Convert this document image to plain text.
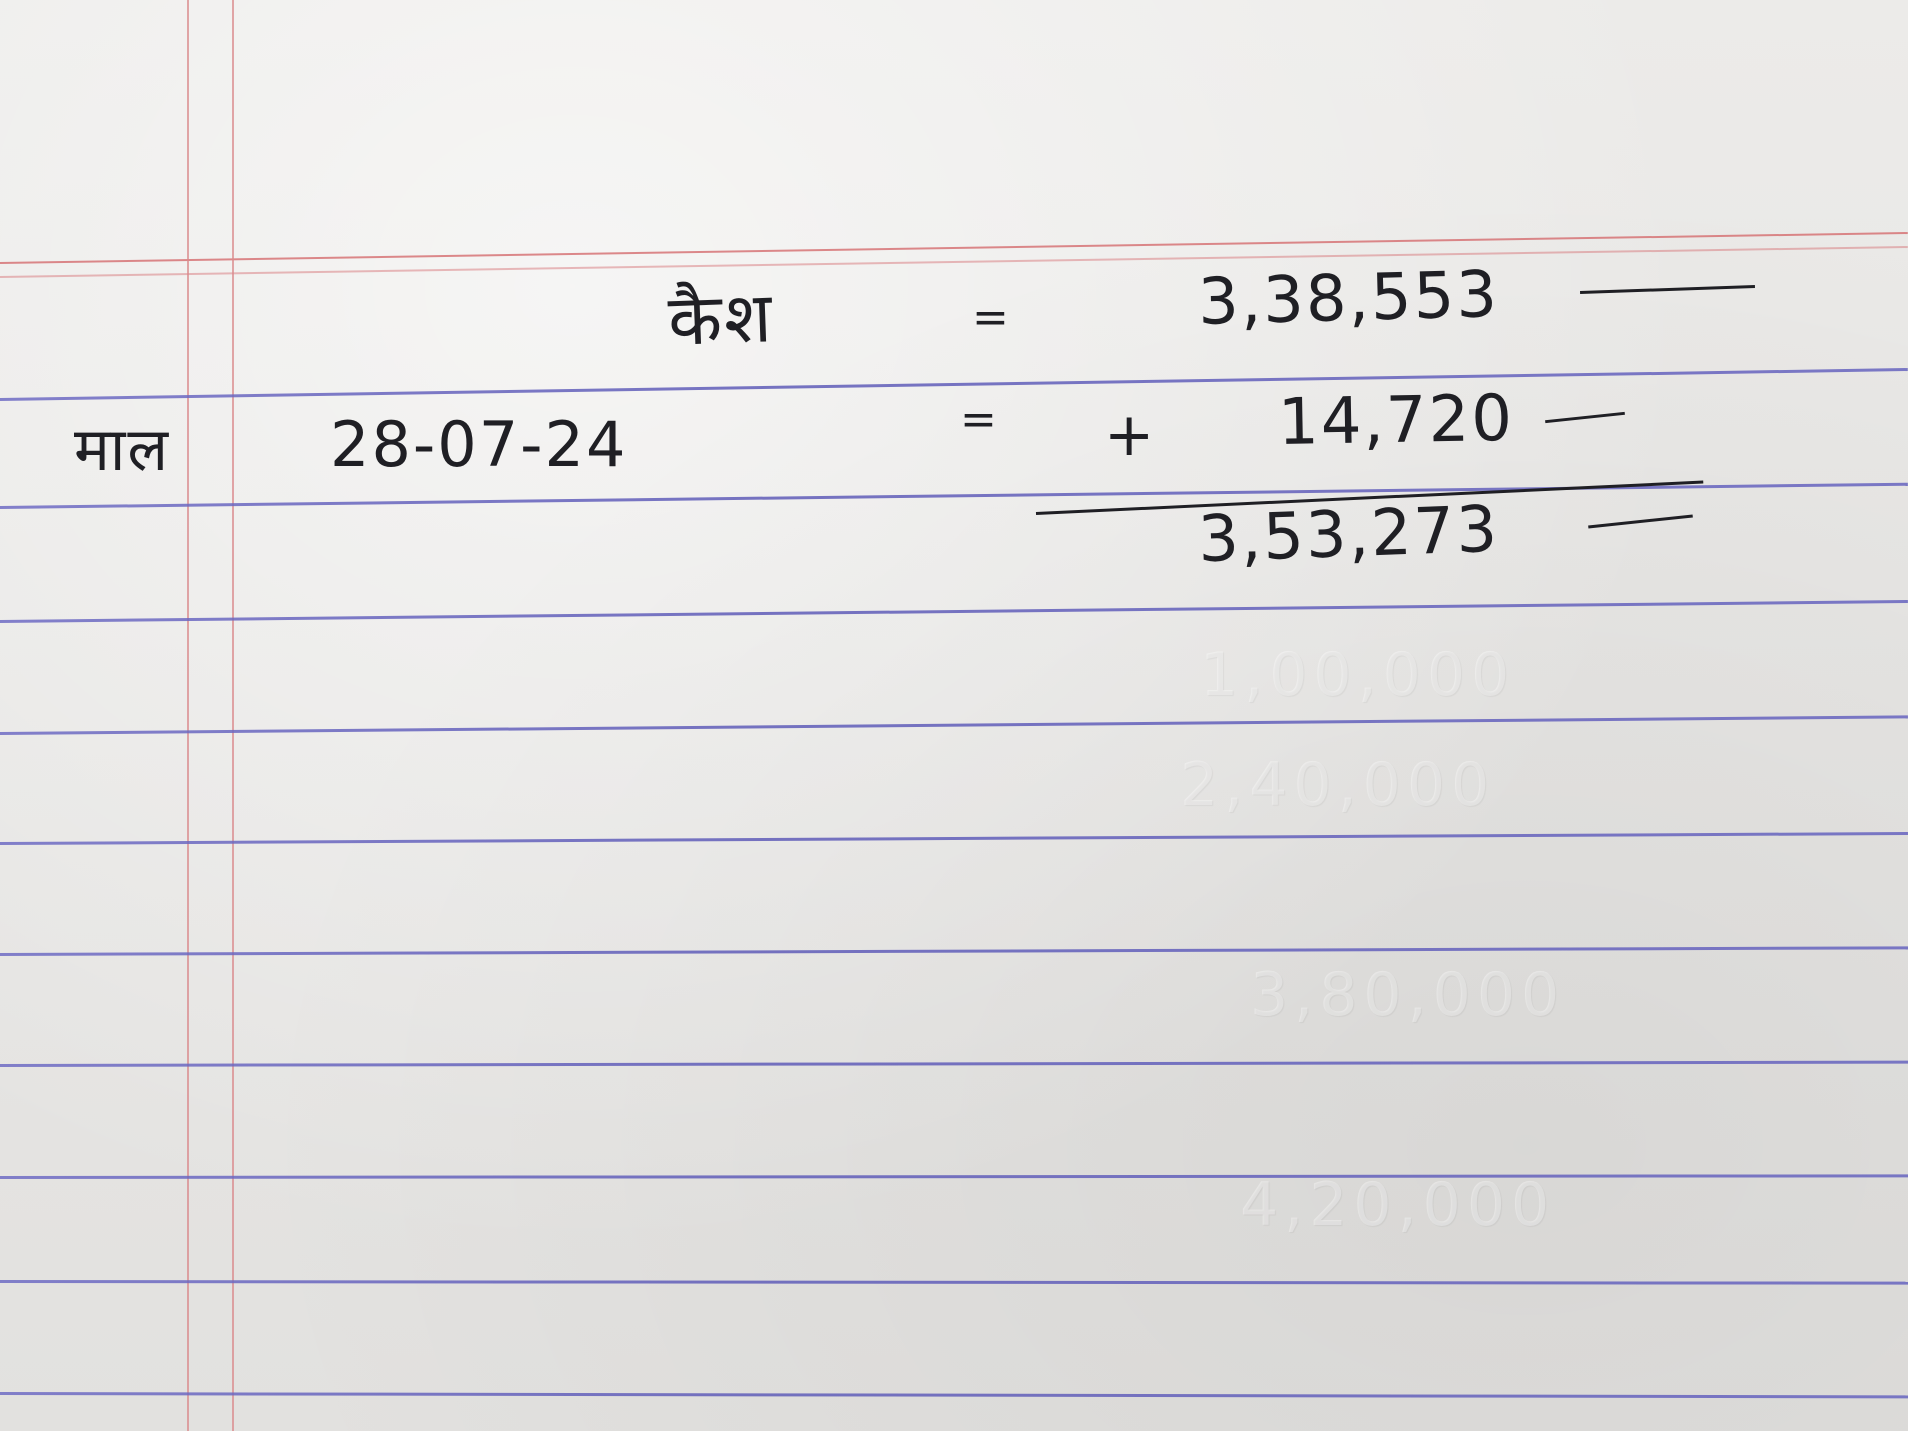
1,00,000
2,40,000
3,80,000
4,20,000
कैश	=	3,38,553
माल	28-07-24	= + 14,720
3,53,273
